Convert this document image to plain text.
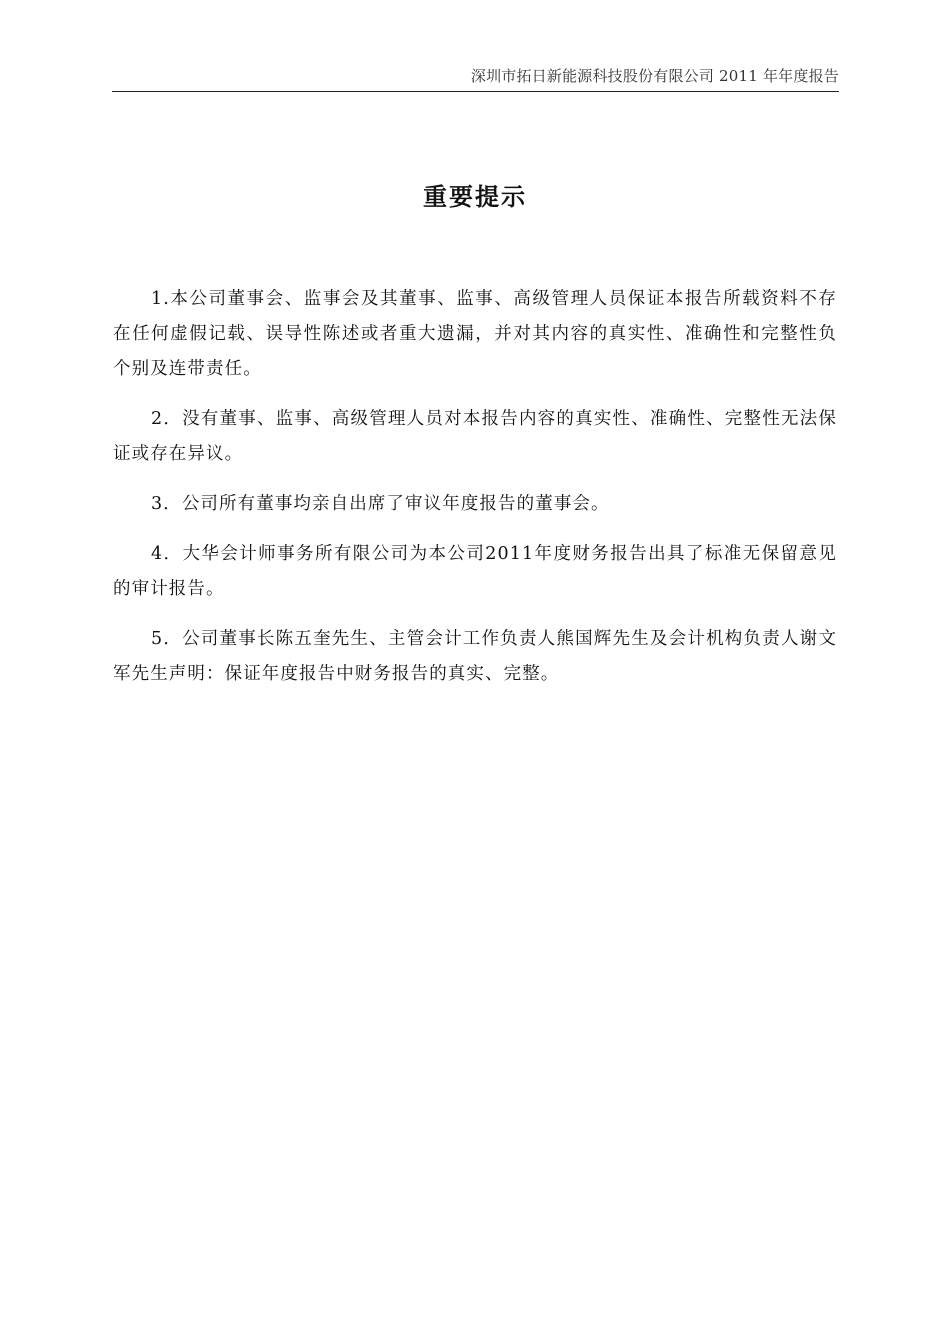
深圳市拓日新能源科技股份有限公司 2011 年年度报告
重要提示

1.本公司董事会、监事会及其董事、监事、高级管理人员保证本报告所载资料不存在任何虚假记载、误导性陈述或者重大遗漏，并对其内容的真实性、准确性和完整性负个别及连带责任。

2．没有董事、监事、高级管理人员对本报告内容的真实性、准确性、完整性无法保证或存在异议。

3．公司所有董事均亲自出席了审议年度报告的董事会。

4．大华会计师事务所有限公司为本公司2011年度财务报告出具了标准无保留意见的审计报告。

5．公司董事长陈五奎先生、主管会计工作负责人熊国辉先生及会计机构负责人谢文军先生声明：保证年度报告中财务报告的真实、完整。
